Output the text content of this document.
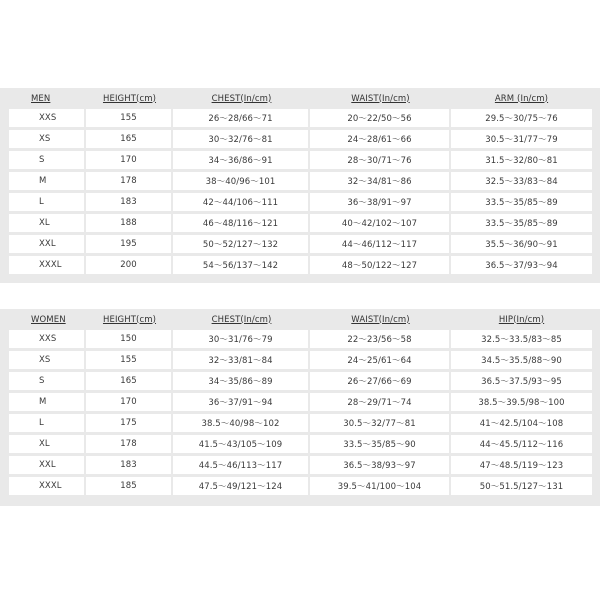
MEN	HEIGHT(cm)	CHEST(In/cm)	WAIST(In/cm)	ARM (In/cm)
XXS	155	26～28/66～71	20～22/50～56	29.5～30/75～76
XS	165	30～32/76～81	24～28/61～66	30.5～31/77～79
S	170	34～36/86～91	28～30/71～76	31.5～32/80～81
M	178	38～40/96～101	32～34/81～86	32.5～33/83～84
L	183	42～44/106～111	36～38/91～97	33.5～35/85～89
XL	188	46～48/116～121	40～42/102～107	33.5～35/85～89
XXL	195	50～52/127～132	44～46/112～117	35.5～36/90～91
XXXL	200	54～56/137～142	48～50/122～127	36.5～37/93～94
WOMEN	HEIGHT(cm)	CHEST(In/cm)	WAIST(In/cm)	HIP(In/cm)
XXS	150	30～31/76～79	22～23/56～58	32.5～33.5/83～85
XS	155	32～33/81～84	24～25/61～64	34.5～35.5/88～90
S	165	34～35/86～89	26～27/66～69	36.5～37.5/93～95
M	170	36～37/91～94	28～29/71～74	38.5～39.5/98～100
L	175	38.5～40/98～102	30.5～32/77～81	41～42.5/104～108
XL	178	41.5～43/105～109	33.5～35/85～90	44～45.5/112～116
XXL	183	44.5～46/113～117	36.5～38/93～97	47～48.5/119～123
XXXL	185	47.5～49/121～124	39.5～41/100～104	50～51.5/127～131
